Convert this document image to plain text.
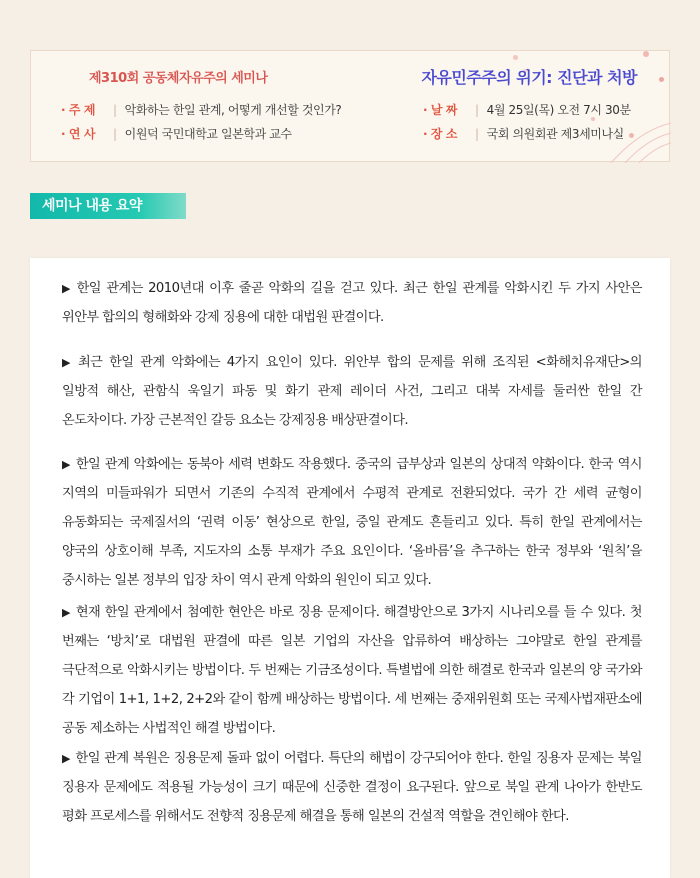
제310회 공동체자유주의 세미나	자유민주주의 위기: 진단과 처방
· 주 제	| 악화하는 한일 관계, 어떻게 개선할 것인가?
· 연 사	| 이원덕 국민대학교 일본학과 교수
· 날 짜	| 4월 25일(목) 오전 7시 30분
· 장 소	| 국회 의원회관 제3세미나실
세미나 내용 요약
▶ 한일 관계는 2010년대 이후 줄곧 악화의 길을 걷고 있다. 최근 한일 관계를 악화시킨 두 가지 사안은 위안부 합의의 형해화와 강제 징용에 대한 대법원 판결이다.
▶ 최근 한일 관계 악화에는 4가지 요인이 있다. 위안부 합의 문제를 위해 조직된 <화해치유재단>의 일방적 해산, 관함식 욱일기 파동 및 화기 관제 레이더 사건, 그리고 대북 자세를 둘러싼 한일 간 온도차이다. 가장 근본적인 갈등 요소는 강제징용 배상판결이다.
▶ 한일 관계 악화에는 동북아 세력 변화도 작용했다. 중국의 급부상과 일본의 상대적 약화이다. 한국 역시 지역의 미들파워가 되면서 기존의 수직적 관계에서 수평적 관계로 전환되었다. 국가 간 세력 균형이 유동화되는 국제질서의 ‘권력 이동’ 현상으로 한일, 중일 관계도 흔들리고 있다. 특히 한일 관계에서는 양국의 상호이해 부족, 지도자의 소통 부재가 주요 요인이다. ‘올바름’을 추구하는 한국 정부와 ‘원칙’을 중시하는 일본 정부의 입장 차이 역시 관계 악화의 원인이 되고 있다.
▶ 현재 한일 관계에서 첨예한 현안은 바로 징용 문제이다. 해결방안으로 3가지 시나리오를 들 수 있다. 첫 번째는 ‘방치’로 대법원 판결에 따른 일본 기업의 자산을 압류하여 배상하는 그야말로 한일 관계를 극단적으로 악화시키는 방법이다. 두 번째는 기금조성이다. 특별법에 의한 해결로 한국과 일본의 양 국가와 각 기업이 1+1, 1+2, 2+2와 같이 함께 배상하는 방법이다. 세 번째는 중재위원회 또는 국제사법재판소에 공동 제소하는 사법적인 해결 방법이다.
▶ 한일 관계 복원은 징용문제 돌파 없이 어렵다. 특단의 해법이 강구되어야 한다. 한일 징용자 문제는 북일 징용자 문제에도 적용될 가능성이 크기 때문에 신중한 결정이 요구된다. 앞으로 북일 관계 나아가 한반도 평화 프로세스를 위해서도 전향적 징용문제 해결을 통해 일본의 건설적 역할을 견인해야 한다.
